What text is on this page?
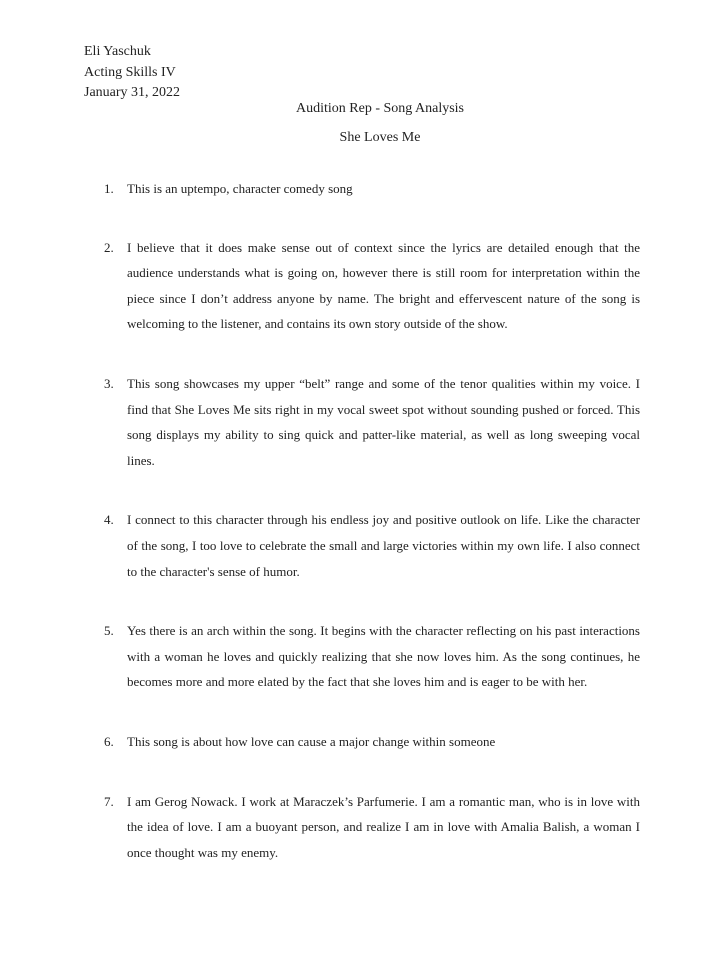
Eli Yaschuk
Acting Skills IV
January 31, 2022
Audition Rep - Song Analysis
She Loves Me
1. This is an uptempo, character comedy song
2. I believe that it does make sense out of context since the lyrics are detailed enough that the audience understands what is going on, however there is still room for interpretation within the piece since I don’t address anyone by name. The bright and effervescent nature of the song is welcoming to the listener, and contains its own story outside of the show.
3. This song showcases my upper “belt” range and some of the tenor qualities within my voice. I find that She Loves Me sits right in my vocal sweet spot without sounding pushed or forced. This song displays my ability to sing quick and patter-like material, as well as long sweeping vocal lines.
4. I connect to this character through his endless joy and positive outlook on life. Like the character of the song, I too love to celebrate the small and large victories within my own life. I also connect to the character's sense of humor.
5. Yes there is an arch within the song. It begins with the character reflecting on his past interactions with a woman he loves and quickly realizing that she now loves him. As the song continues, he becomes more and more elated by the fact that she loves him and is eager to be with her.
6. This song is about how love can cause a major change within someone
7. I am Gerog Nowack. I work at Maraczek’s Parfumerie. I am a romantic man, who is in love with the idea of love. I am a buoyant person, and realize I am in love with Amalia Balish, a woman I once thought was my enemy.
